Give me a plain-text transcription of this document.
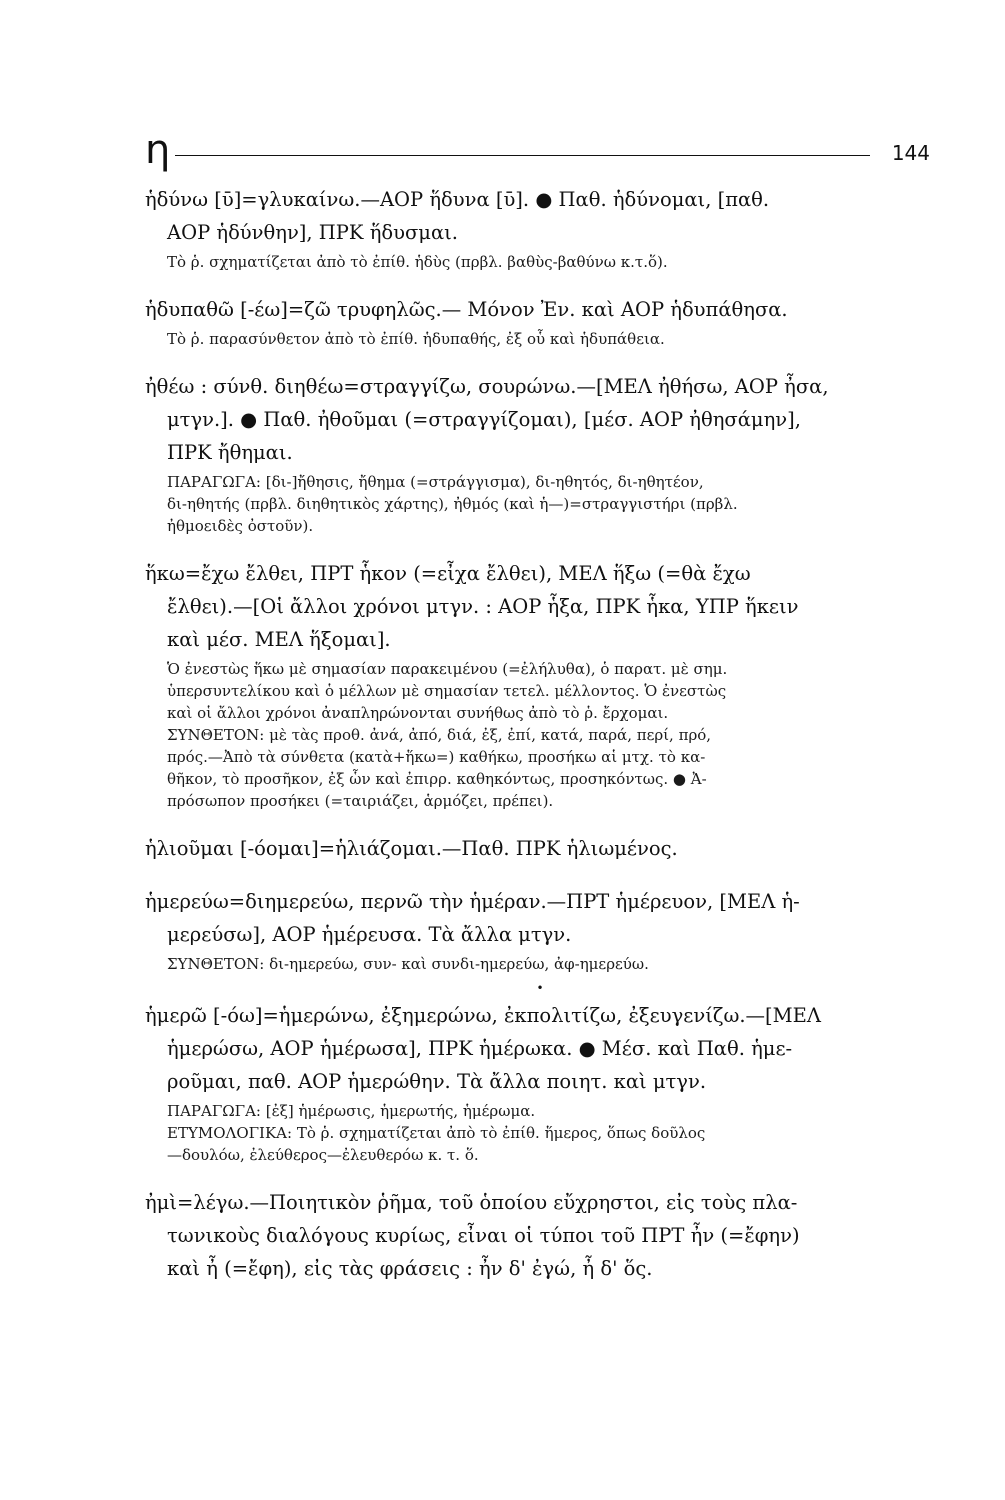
η	144

ἡδύνω [ῡ]=γλυκαίνω.—ΑΟΡ ἥδυνα [ῡ]. ● Παθ. ἡδύνομαι, [παθ.
ΑΟΡ ἡδύνθην], ΠΡΚ ἥδυσμαι.

Τὸ ῥ. σχηματίζεται ἀπὸ τὸ ἐπίθ. ἡδὺς (πρβλ. βαθὺς-βαθύνω κ.τ.ὅ).

ἡδυπαθῶ [-έω]=ζῶ τρυφηλῶς.— Μόνον Ἐν. καὶ ΑΟΡ ἡδυπάθησα.

Τὸ ῥ. παρασύνθετον ἀπὸ τὸ ἐπίθ. ἡδυπαθής, ἐξ οὗ καὶ ἡδυπάθεια.

ἠθέω : σύνθ. διηθέω=στραγγίζω, σουρώνω.—[ΜΕΛ ἠθήσω, ΑΟΡ ἦσα,
μτγν.]. ● Παθ. ἠθοῦμαι (=στραγγίζομαι), [μέσ. ΑΟΡ ἠθησάμην],
ΠΡΚ ἤθημαι.

ΠΑΡΑΓΩΓΑ: [δι-]ἤθησις, ἤθημα (=στράγγισμα), δι-ηθητός, δι-ηθητέον,
δι-ηθητής (πρβλ. διηθητικὸς χάρτης), ἠθμός (καὶ ἡ—)=στραγγιστήρι (πρβλ.
ἠθμοειδὲς ὀστοῦν).

ἥκω=ἔχω ἔλθει, ΠΡΤ ἧκον (=εἶχα ἔλθει), ΜΕΛ ἥξω (=θὰ ἔχω
ἔλθει).—[Οἱ ἄλλοι χρόνοι μτγν. : ΑΟΡ ἧξα, ΠΡΚ ἧκα, ΥΠΡ ἥκειν
καὶ μέσ. ΜΕΛ ἥξομαι].

Ὁ ἐνεστὼς ἥκω μὲ σημασίαν παρακειμένου (=ἐλήλυθα), ὁ παρατ. μὲ σημ.
ὑπερσυντελίκου καὶ ὁ μέλλων μὲ σημασίαν τετελ. μέλλοντος. Ὁ ἐνεστὼς
καὶ οἱ ἄλλοι χρόνοι ἀναπληρώνονται συνήθως ἀπὸ τὸ ῥ. ἔρχομαι.
ΣΥΝΘΕΤΟΝ: μὲ τὰς προθ. ἀνά, ἀπό, διά, ἐξ, ἐπί, κατά, παρά, περί, πρό,
πρός.—Ἀπὸ τὰ σύνθετα (κατὰ+ἥκω=) καθήκω, προσήκω αἱ μτχ. τὸ κα-
θῆκον, τὸ προσῆκον, ἐξ ὧν καὶ ἐπιρρ. καθηκόντως, προσηκόντως. ● Ἀ-
πρόσωπον προσήκει (=ταιριάζει, ἁρμόζει, πρέπει).

ἡλιοῦμαι [-όομαι]=ἡλιάζομαι.—Παθ. ΠΡΚ ἡλιωμένος.

ἡμερεύω=διημερεύω, περνῶ τὴν ἡμέραν.—ΠΡΤ ἡμέρευον, [ΜΕΛ ἡ-
μερεύσω], ΑΟΡ ἡμέρευσα. Τὰ ἄλλα μτγν.

ΣΥΝΘΕΤΟΝ: δι-ημερεύω, συν- καὶ συνδι-ημερεύω, ἀφ-ημερεύω.
•

ἡμερῶ [-όω]=ἡμερώνω, ἐξημερώνω, ἐκπολιτίζω, ἐξευγενίζω.—[ΜΕΛ
ἡμερώσω, ΑΟΡ ἡμέρωσα], ΠΡΚ ἡμέρωκα. ● Μέσ. καὶ Παθ. ἡμε-
ροῦμαι, παθ. ΑΟΡ ἡμερώθην. Τὰ ἄλλα ποιητ. καὶ μτγν.

ΠΑΡΑΓΩΓΑ: [ἐξ] ἡμέρωσις, ἡμερωτής, ἡμέρωμα.
ΕΤΥΜΟΛΟΓΙΚΑ: Τὸ ῥ. σχηματίζεται ἀπὸ τὸ ἐπίθ. ἥμερος, ὅπως δοῦλος
—δουλόω, ἐλεύθερος—ἐλευθερόω κ. τ. ὅ.

ἠμὶ=λέγω.—Ποιητικὸν ῥῆμα, τοῦ ὁποίου εὔχρηστοι, εἰς τοὺς πλα-
τωνικοὺς διαλόγους κυρίως, εἶναι οἱ τύποι τοῦ ΠΡΤ ἦν (=ἔφην)
καὶ ἦ (=ἔφη), εἰς τὰς φράσεις : ἦν δ' ἐγώ, ἦ δ' ὅς.
